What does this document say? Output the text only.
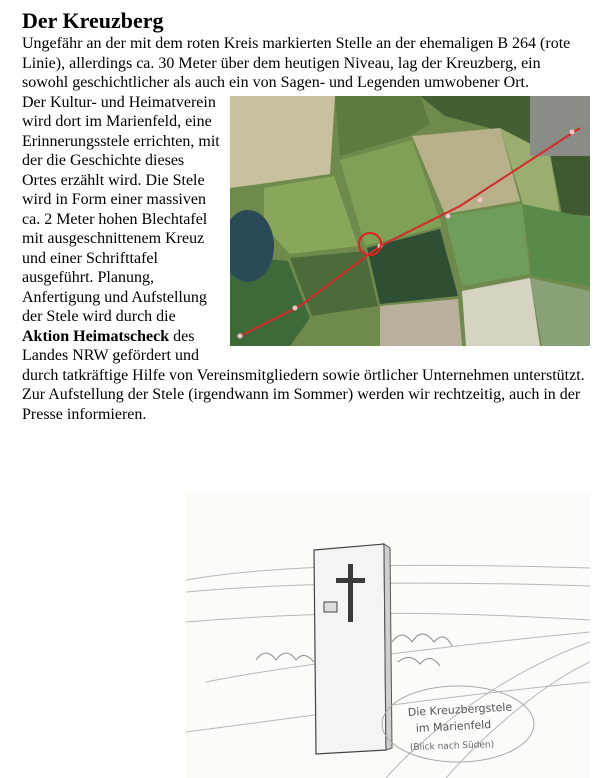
Der Kreuzberg

Ungefähr an der mit dem roten Kreis markierten Stelle an der ehemaligen B 264 (rote Linie), allerdings ca. 30 Meter über dem heutigen Niveau, lag der Kreuzberg, ein sowohl geschichtlicher als auch ein von Sagen- und Legenden umwobener Ort.

Der Kultur- und Heimatverein wird dort im Marienfeld, eine Erinnerungsstele errichten, mit der die Geschichte dieses Ortes erzählt wird. Die Stele wird in Form einer massiven ca. 2 Meter hohen Blechtafel mit ausgeschnittenem Kreuz und einer Schrifttafel ausgeführt. Planung, Anfertigung und Aufstellung der Stele wird durch die Aktion Heimatscheck des Landes NRW gefördert und durch tatkräftige Hilfe von Vereinsmitgliedern sowie örtlicher Unternehmen unterstützt. Zur Aufstellung der Stele (irgendwann im Sommer) werden wir rechtzeitig, auch in der Presse informieren.
Die Kreuzbergstele
im Marienfeld
(Blick nach Süden)
